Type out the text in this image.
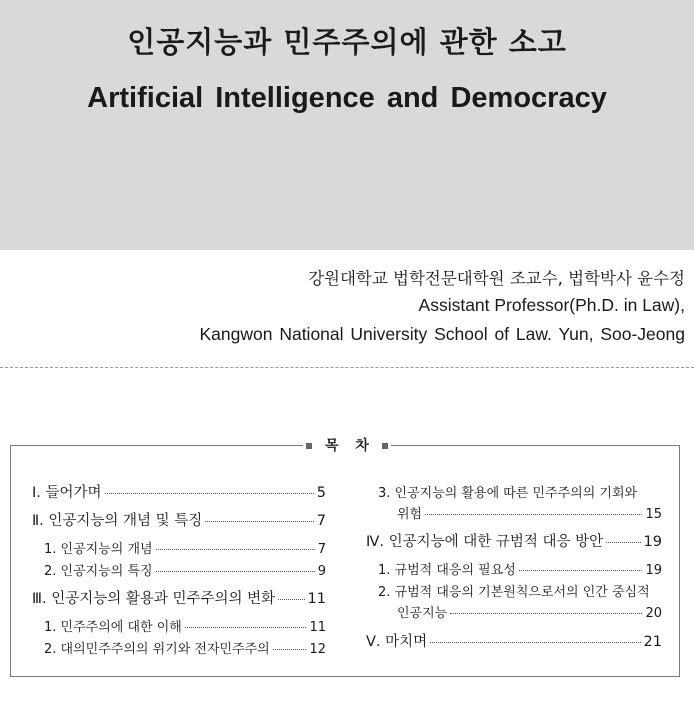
인공지능과 민주주의에 관한 소고
Artificial Intelligence and Democracy
강원대학교 법학전문대학원 조교수, 법학박사 윤수정
Assistant Professor(Ph.D. in Law),
Kangwon National University School of Law. Yun, Soo-Jeong
목 차
Ⅰ. 들어가며	5
Ⅱ. 인공지능의 개념 및 특징	7
1. 인공지능의 개념	7
2. 인공지능의 특징	9
Ⅲ. 인공지능의 활용과 민주주의의 변화 11
1. 민주주의에 대한 이해	11
2. 대의민주주의의 위기와 전자민주주의	12
3. 인공지능의 활용에 따른 민주주의의 기회와
위험	15
Ⅳ. 인공지능에 대한 규범적 대응 방안	19
1. 규범적 대응의 필요성	19
2. 규범적 대응의 기본원칙으로서의 인간 중심적
인공지능	20
Ⅴ. 마치며	21
